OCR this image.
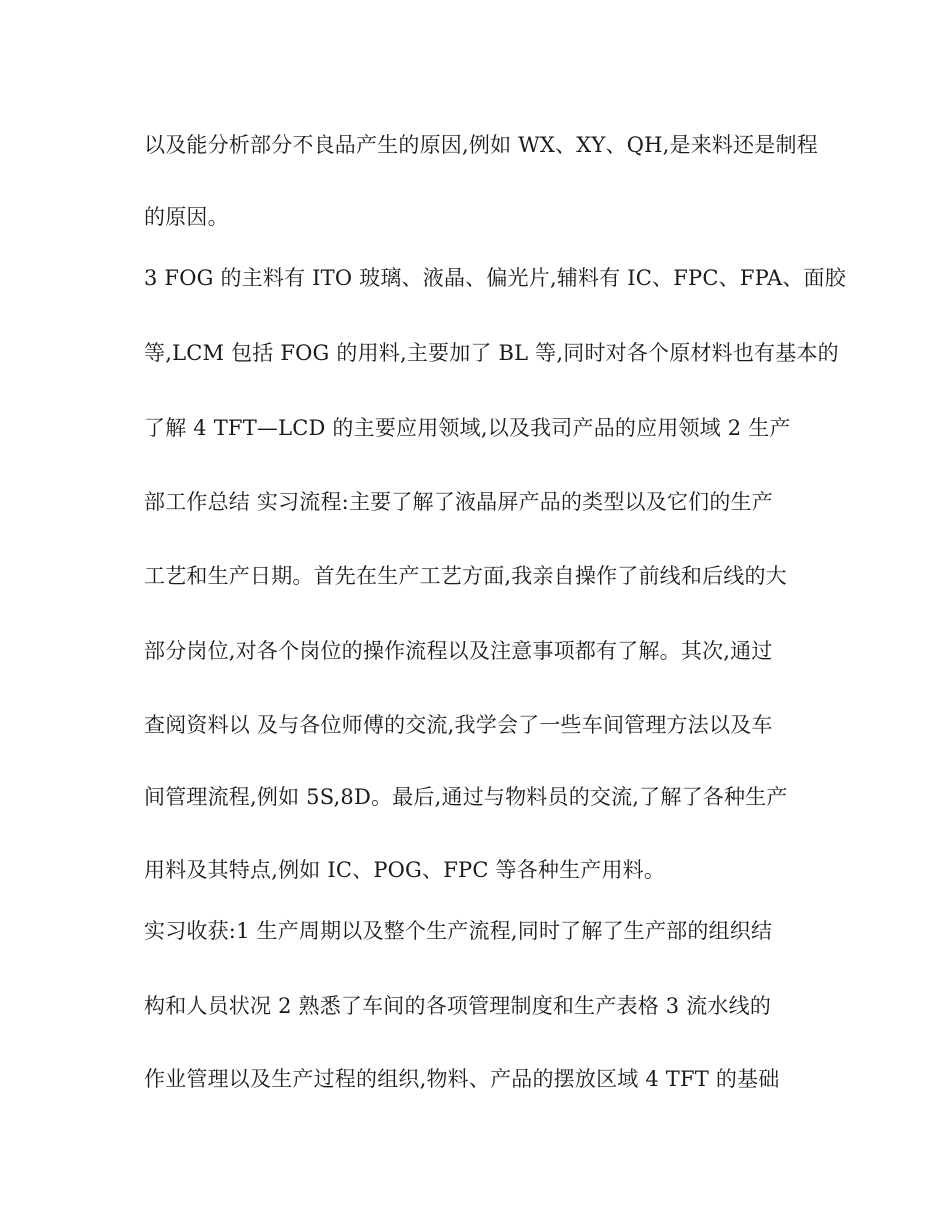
以及能分析部分不良品产生的原因,例如 WX、XY、QH,是来料还是制程
的原因。
3 FOG 的主料有 ITO 玻璃、液晶、偏光片,辅料有 IC、FPC、FPA、面胶
等,LCM 包括 FOG 的用料,主要加了 BL 等,同时对各个原材料也有基本的
了解 4 TFT—LCD 的主要应用领域,以及我司产品的应用领域 2 生产
部工作总结 实习流程:主要了解了液晶屏产品的类型以及它们的生产
工艺和生产日期。首先在生产工艺方面,我亲自操作了前线和后线的大
部分岗位,对各个岗位的操作流程以及注意事项都有了解。其次,通过
查阅资料以 及与各位师傅的交流,我学会了一些车间管理方法以及车
间管理流程,例如 5S,8D。最后,通过与物料员的交流,了解了各种生产
用料及其特点,例如 IC、POG、FPC 等各种生产用料。
实习收获:1 生产周期以及整个生产流程,同时了解了生产部的组织结
构和人员状况 2 熟悉了车间的各项管理制度和生产表格 3 流水线的
作业管理以及生产过程的组织,物料、产品的摆放区域 4 TFT 的基础
